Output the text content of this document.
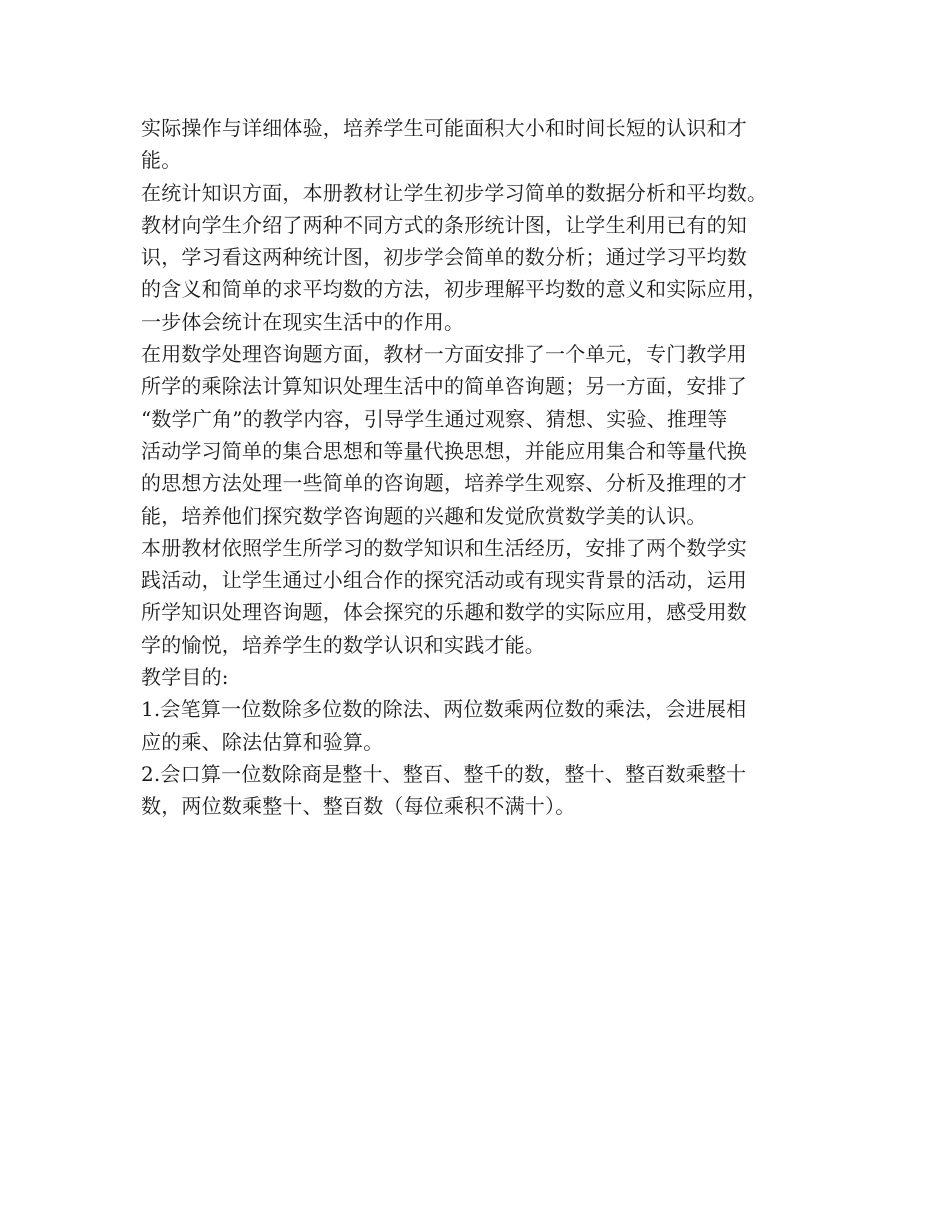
实际操作与详细体验，培养学生可能面积大小和时间长短的认识和才
能。
在统计知识方面，本册教材让学生初步学习简单的数据分析和平均数。
教材向学生介绍了两种不同方式的条形统计图，让学生利用已有的知
识，学习看这两种统计图，初步学会简单的数分析；通过学习平均数
的含义和简单的求平均数的方法，初步理解平均数的意义和实际应用，
一步体会统计在现实生活中的作用。
在用数学处理咨询题方面，教材一方面安排了一个单元，专门教学用
所学的乘除法计算知识处理生活中的简单咨询题；另一方面，安排了
“数学广角”的教学内容，引导学生通过观察、猜想、实验、推理等
活动学习简单的集合思想和等量代换思想，并能应用集合和等量代换
的思想方法处理一些简单的咨询题，培养学生观察、分析及推理的才
能，培养他们探究数学咨询题的兴趣和发觉欣赏数学美的认识。
本册教材依照学生所学习的数学知识和生活经历，安排了两个数学实
践活动，让学生通过小组合作的探究活动或有现实背景的活动，运用
所学知识处理咨询题，体会探究的乐趣和数学的实际应用，感受用数
学的愉悦，培养学生的数学认识和实践才能。
教学目的:
1.会笔算一位数除多位数的除法、两位数乘两位数的乘法，会进展相
应的乘、除法估算和验算。
2.会口算一位数除商是整十、整百、整千的数，整十、整百数乘整十
数，两位数乘整十、整百数（每位乘积不满十）。
